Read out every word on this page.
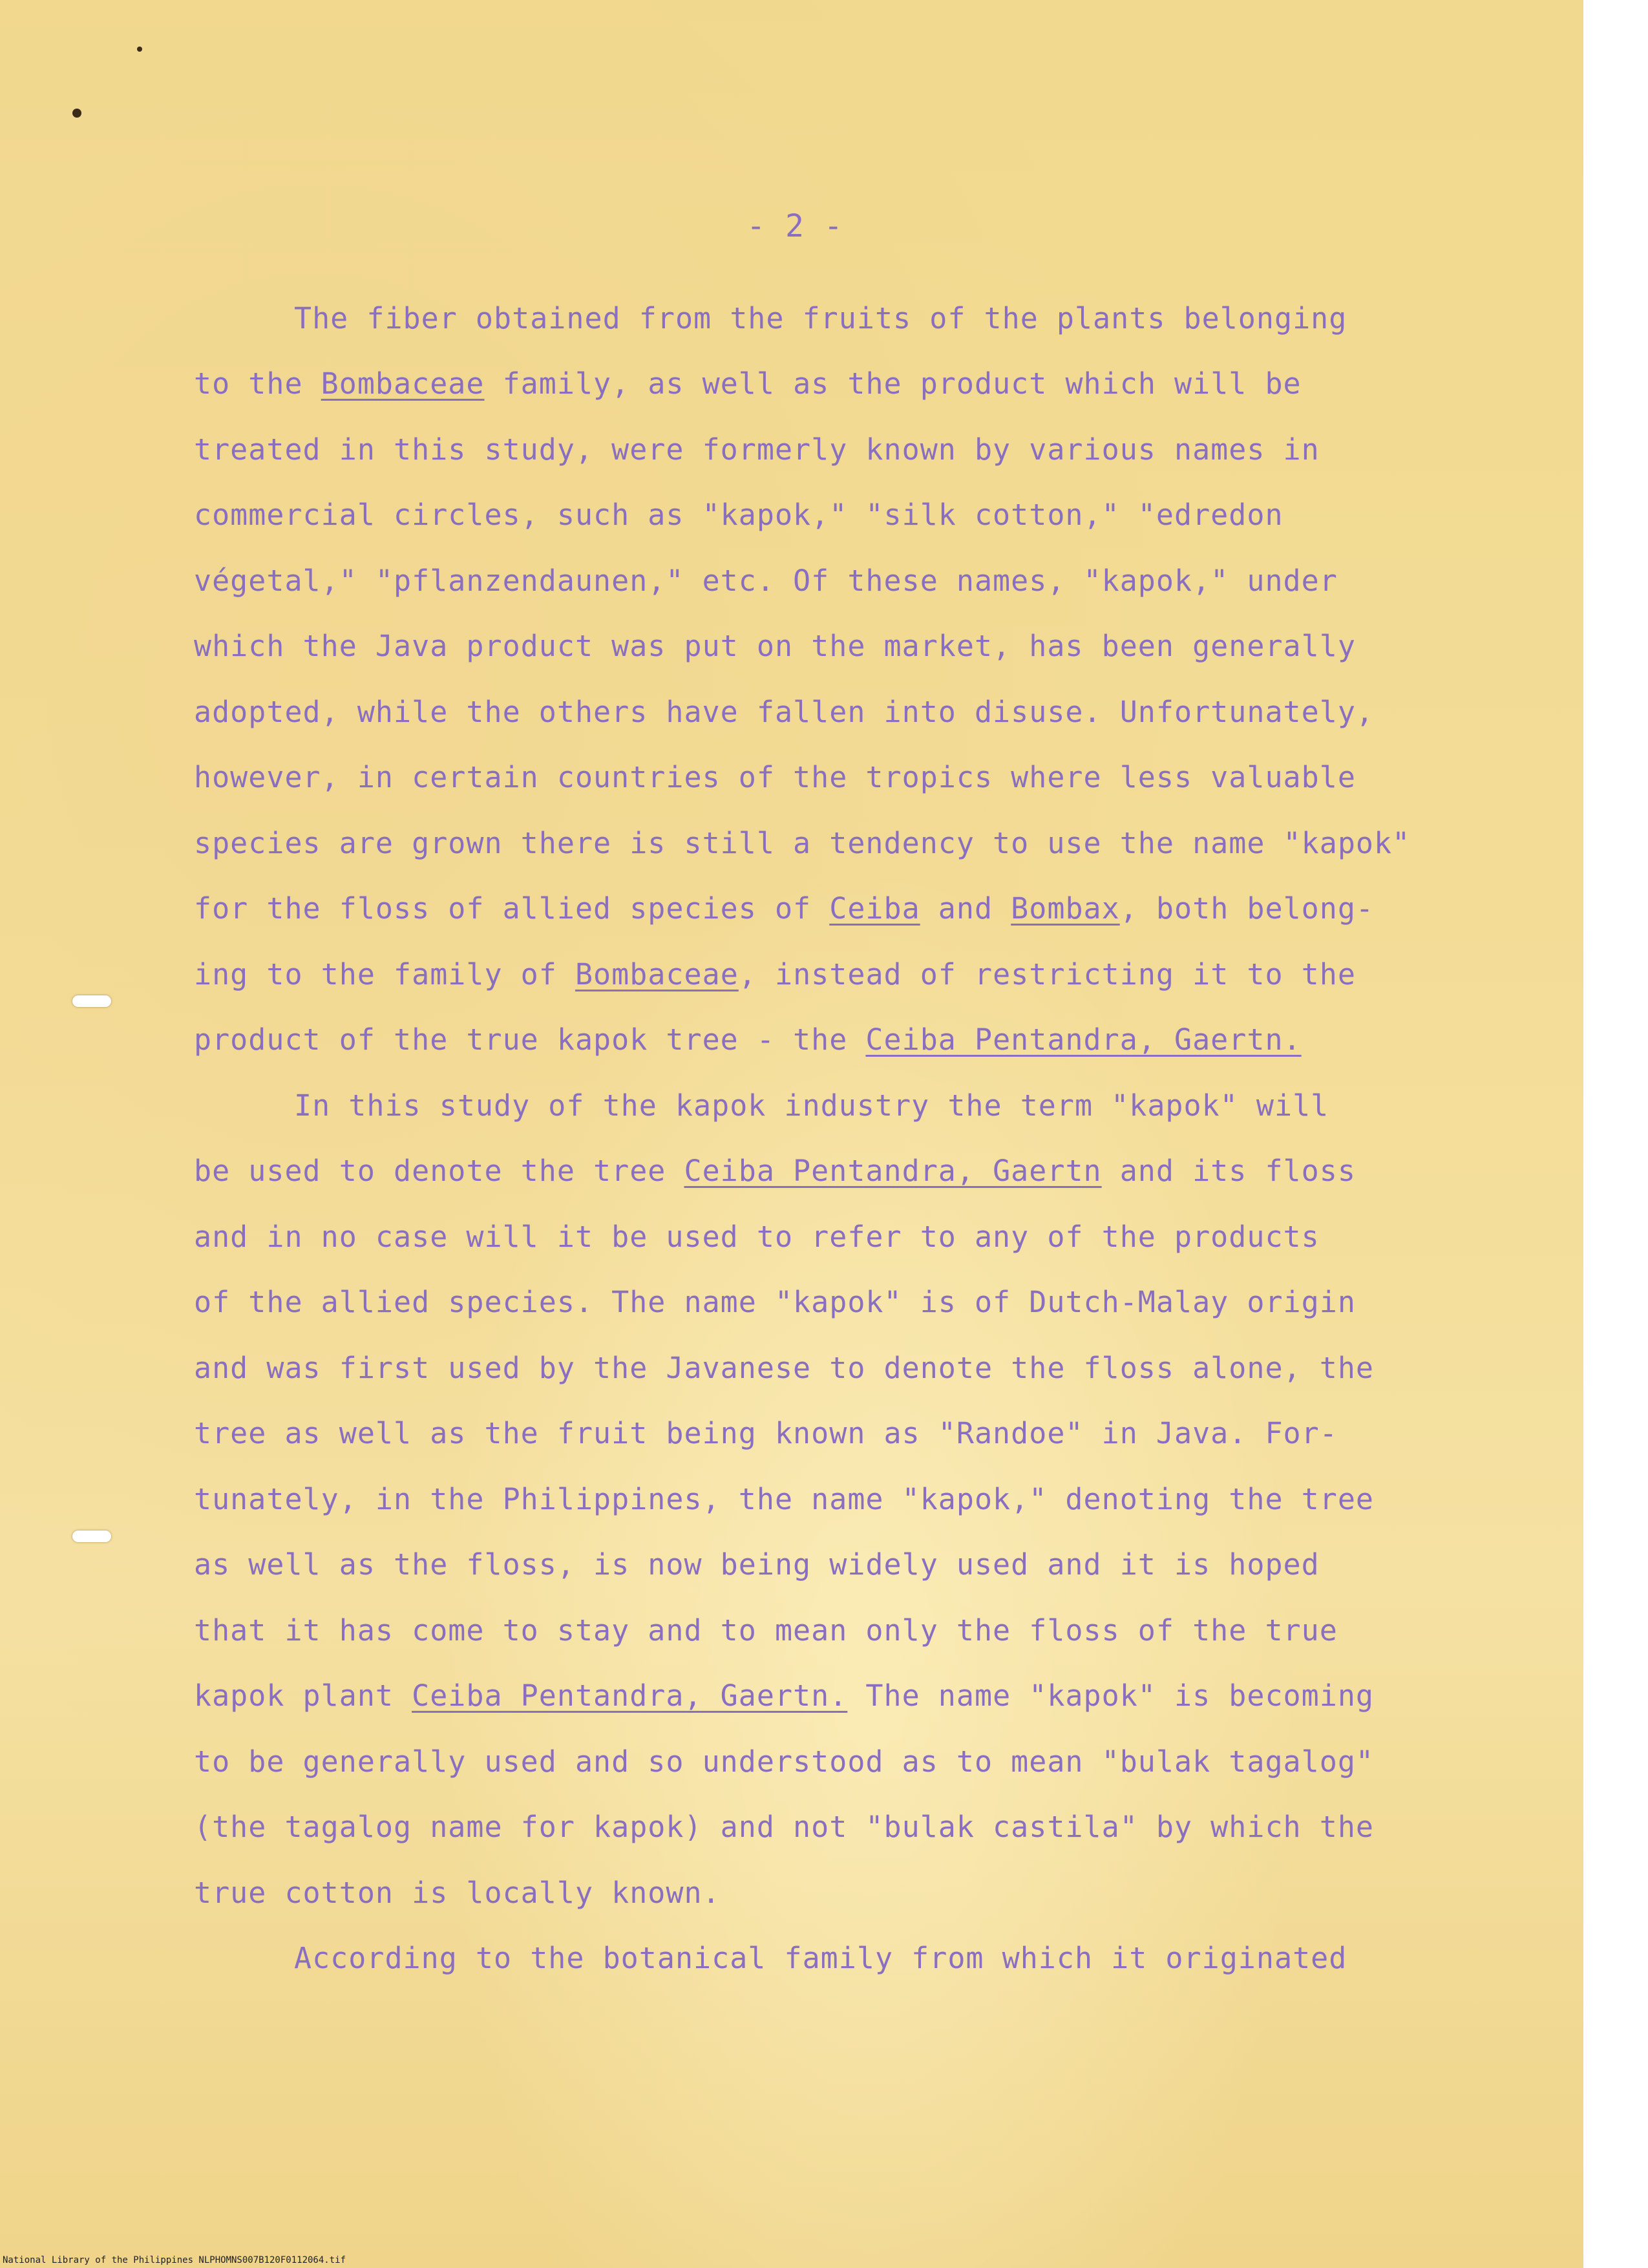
- 2 -
The fiber obtained from the fruits of the plants belonging
to the Bombaceae family, as well as the product which will be
treated in this study, were formerly known by various names in
commercial circles, such as "kapok," "silk cotton," "edredon
végetal," "pflanzendaunen," etc. Of these names, "kapok," under
which the Java product was put on the market, has been generally
adopted, while the others have fallen into disuse. Unfortunately,
however, in certain countries of the tropics where less valuable
species are grown there is still a tendency to use the name "kapok"
for the floss of allied species of Ceiba and Bombax, both belong-
ing to the family of Bombaceae, instead of restricting it to the
product of the true kapok tree - the Ceiba Pentandra, Gaertn.
In this study of the kapok industry the term "kapok" will
be used to denote the tree Ceiba Pentandra, Gaertn and its floss
and in no case will it be used to refer to any of the products
of the allied species. The name "kapok" is of Dutch-Malay origin
and was first used by the Javanese to denote the floss alone, the
tree as well as the fruit being known as "Randoe" in Java. For-
tunately, in the Philippines, the name "kapok," denoting the tree
as well as the floss, is now being widely used and it is hoped
that it has come to stay and to mean only the floss of the true
kapok plant Ceiba Pentandra, Gaertn. The name "kapok" is becoming
to be generally used and so understood as to mean "bulak tagalog"
(the tagalog name for kapok) and not "bulak castila" by which the
true cotton is locally known.
According to the botanical family from which it originated
National Library of the Philippines NLPHOMNS007B120F0112064.tif
